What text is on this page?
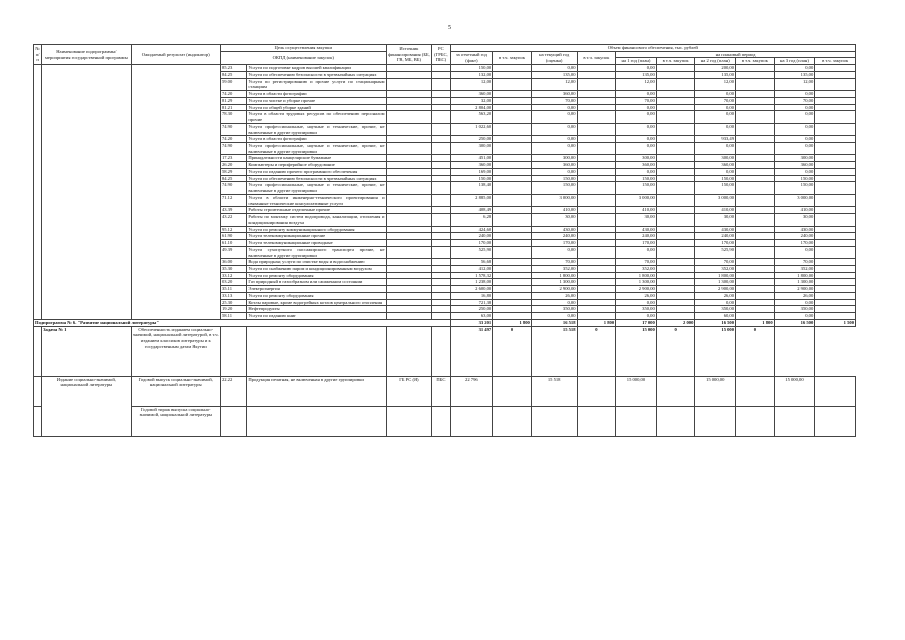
5
№ п/п	Наименование подпрограммы/ мероприятия государственной программы	Ожидаемый результат (индикатор)	Цель осуществления закупки		Источник финансирования (ББ, ГВ, МБ, ВБ)	РС (ГРБС, ПБС)	Объем финансового обеспечения, тыс. рублей									
			ОКПД (наименование закупок)				за отчетный год (факт)	в т.ч. закупок	на текущий год (оценка)	в т.ч. закупок	на плановый период					
											на 1 год (план)	в т.ч. закупок	на 2 год (план)	в т.ч. закупок	на 3 год (план)	в т.ч. закупок
			85.23	Услуги по подготовке кадров высшей квалификации			150,00		0,00		0,00		200,00		0,00	
			84.25	Услуги по обеспечению безопасности в чрезвычайных ситуациях			132,00		135,00		135,00		135,00		135,00	
			59.00	Услуги по регистрированию и прочие услуги по стационарным станциям			12,00		12,00		12,00		12,00		12,00	
			74.20	Услуги в области фотографии			360,00		360,00		0,00		0,00		0,00	
			81.29	Услуги по чистке и уборке прочие			32,00		70,00		70,00		70,00		70,00	
			81.21	Услуги по общей уборке зданий			2 804,00		0,00		0,00		0,00		0,00	
			78.30	Услуги в области трудовых ресурсов по обеспечению персоналом прочие			563,20		0,00		0,00		0,00		0,00	
			74.90	Услуги профессиональные, научные и технические, прочие, не включенные в другие группировки			1 022,60		0,00		0,00		0,00		0,00	
			74.20	Услуги в области фотографии			250,00		0,00		0,00		933,49		0,00	
			74.90	Услуги профессиональные, научные и технические, прочие, не включенные в другие группировки			300,00		0,00		0,00		0,00		0,00	
			17.23	Принадлежности канцелярские бумажные			451,00		300,00		300,00		300,00		300,00	
			26.20	Компьютеры и периферийное оборудование			360,00		360,00		360,00		360,00		360,00	
			58.29	Услуги по изданию прочего программного обеспечения			169,00		0,00		0,00		0,00		0,00	
			84.25	Услуги по обеспечению безопасности в чрезвычайных ситуациях			150,00		150,00		150,00		150,00		150,00	
			74.90	Услуги профессиональные, научные и технические, прочие, не включенные в другие группировки			138,40		150,00		150,00		150,00		150,00	
			71.12	Услуги в области инженерно-технического проектирования и связанные технические консультативные услуги			2 885,00		3 000,00		3 000,00		3 000,00		3 000,00	
			43.39	Работы строительные отделочные прочие			408,49		410,00		410,00		410,00		410,00	
			43.22	Работы по монтажу систем водопровода, канализации, отопления и кондиционирования воздуха			6,28		30,00		30,00		30,00		30,00	
			95.12	Услуги по ремонту коммуникационного оборудования			424,60		430,00		430,00		430,00		430,00	
			61.90	Услуги телекоммуникационные прочие			240,00		240,00		240,00		240,00		240,00	
			61.10	Услуги телекоммуникационные проводные			170,00		170,00		170,00		170,00		170,00	
			49.39	Услуги сухопутного пассажирского транспорта прочие, не включенные в другие группировки			525,90		0,00		0,00		525,90		0,00	
			36.00	Вода природная; услуги по очистке воды и водоснабжению			56,68		70,00		70,00		70,00		70,00	
			35.30	Услуги по снабжению паром и кондиционированным воздухом			412,00		352,00		352,00		352,00		352,00	
			33.12	Услуги по ремонту оборудования			1 578,32		1 800,00		1 800,00		1 800,00		1 800,00	
			03.20	Газ природный в газообразном или сжиженном состоянии			1 238,00		1 300,00		1 300,00		1 300,00		1 300,00	
			35.11	Электроэнергия			2 600,00		2 900,00		2 900,00		2 900,00		2 900,00	
			33.13	Услуги по ремонту оборудования			16,80		26,00		26,00		26,00		26,00	
			25.30	Котлы паровые, кроме водогрейных котлов центрального отопления			721,38		0,00		0,00		0,00		0,00	
			19.20	Нефтепродукты			250,00		350,00		350,00		350,00		350,00	
			58.11	Услуги по изданию книг			63,00		0,00		0,00		60,00		0,00	
Подпрограмма № 6. "Развитие национальной литературы"							33 201	1 800	16 518	1 800	17 000	2 000	16 500	1 800	16 500	1 500
	Задача № 1	Обеспеченность изданием социально-значимой, национальной литературой, в т.ч. изданием классиков литературы и к государственным датам Якутии					31 497	0	15 518	0	15 000	0	15 000	0		
	Издание социально-значимой, национальной литературы	Годовой выпуск социально-значимой, национальной литературы	22.22	Продукция печатная, не включенная в другие группировки	ГБ РС (Я)	ПБС	22 796		15 518		15 000,00		15 000,00		15 000,00	
		Годовой тираж выпуска социально-значимой, национальной литературы														
